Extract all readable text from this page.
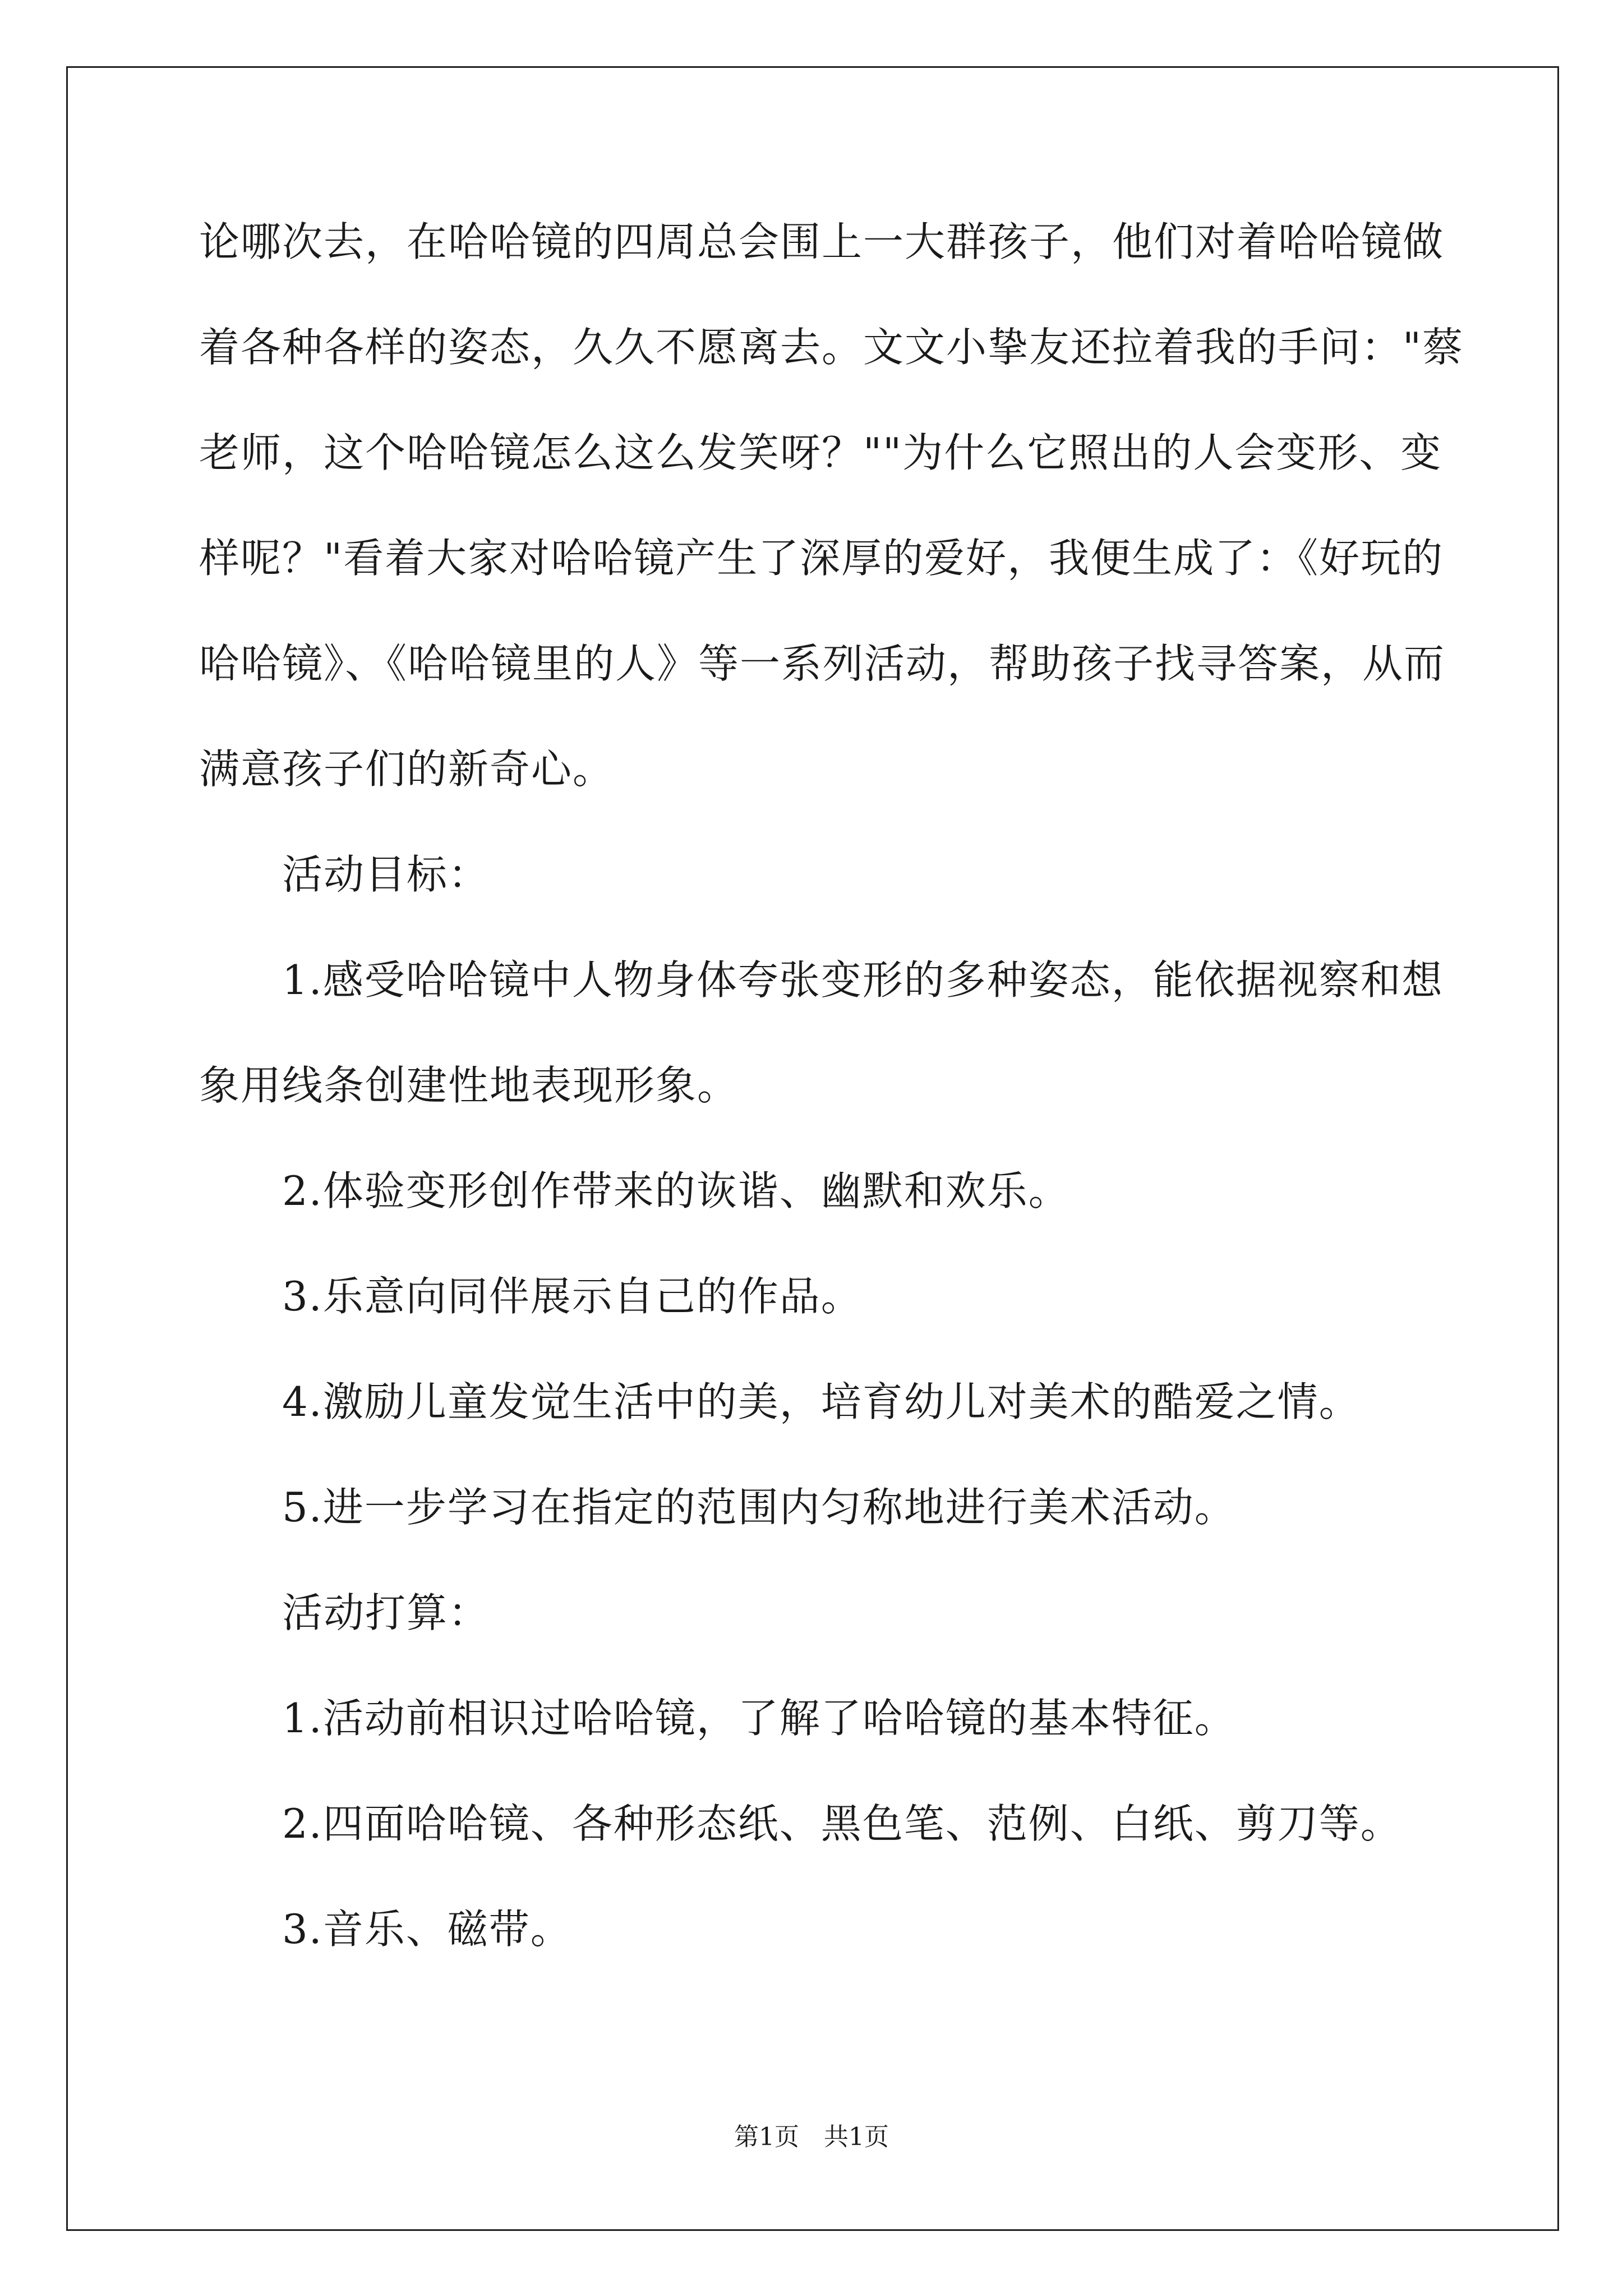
论哪次去，在哈哈镜的四周总会围上一大群孩子，他们对着哈哈镜做
着各种各样的姿态，久久不愿离去。文文小挚友还拉着我的手问："蔡
老师，这个哈哈镜怎么这么发笑呀？""为什么它照出的人会变形、变
样呢？"看着大家对哈哈镜产生了深厚的爱好，我便生成了：《好玩的
哈哈镜》、《哈哈镜里的人》等一系列活动，帮助孩子找寻答案，从而
满意孩子们的新奇心。
活动目标：
1.感受哈哈镜中人物身体夸张变形的多种姿态，能依据视察和想
象用线条创建性地表现形象。
2.体验变形创作带来的诙谐、幽默和欢乐。
3.乐意向同伴展示自己的作品。
4.激励儿童发觉生活中的美，培育幼儿对美术的酷爱之情。
5.进一步学习在指定的范围内匀称地进行美术活动。
活动打算：
1.活动前相识过哈哈镜，了解了哈哈镜的基本特征。
2.四面哈哈镜、各种形态纸、黑色笔、范例、白纸、剪刀等。
3.音乐、磁带。
第1页 共1页
